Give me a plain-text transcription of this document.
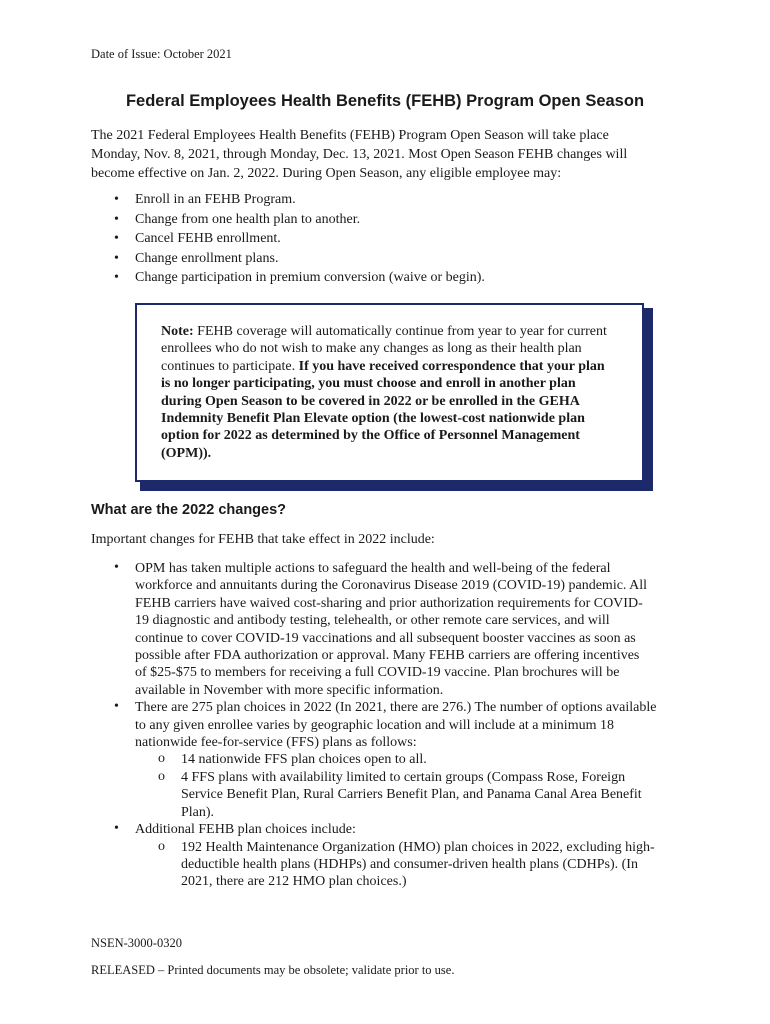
Date of Issue: October 2021
Federal Employees Health Benefits (FEHB) Program Open Season
The 2021 Federal Employees Health Benefits (FEHB) Program Open Season will take place
Monday, Nov. 8, 2021, through Monday, Dec. 13, 2021. Most Open Season FEHB changes will
become effective on Jan. 2, 2022. During Open Season, any eligible employee may:
• Enroll in an FEHB Program.
• Change from one health plan to another.
• Cancel FEHB enrollment.
• Change enrollment plans.
• Change participation in premium conversion (waive or begin).
Note: FEHB coverage will automatically continue from year to year for current
enrollees who do not wish to make any changes as long as their health plan
continues to participate. If you have received correspondence that your plan
is no longer participating, you must choose and enroll in another plan
during Open Season to be covered in 2022 or be enrolled in the GEHA
Indemnity Benefit Plan Elevate option (the lowest-cost nationwide plan
option for 2022 as determined by the Office of Personnel Management
(OPM)).
What are the 2022 changes?
Important changes for FEHB that take effect in 2022 include:
• OPM has taken multiple actions to safeguard the health and well-being of the federal
workforce and annuitants during the Coronavirus Disease 2019 (COVID-19) pandemic. All
FEHB carriers have waived cost-sharing and prior authorization requirements for COVID-
19 diagnostic and antibody testing, telehealth, or other remote care services, and will
continue to cover COVID-19 vaccinations and all subsequent booster vaccines as soon as
possible after FDA authorization or approval. Many FEHB carriers are offering incentives
of $25-$75 to members for receiving a full COVID-19 vaccine. Plan brochures will be
available in November with more specific information.
• There are 275 plan choices in 2022 (In 2021, there are 276.) The number of options available
to any given enrollee varies by geographic location and will include at a minimum 18
nationwide fee-for-service (FFS) plans as follows:
o 14 nationwide FFS plan choices open to all.
o 4 FFS plans with availability limited to certain groups (Compass Rose, Foreign
Service Benefit Plan, Rural Carriers Benefit Plan, and Panama Canal Area Benefit
Plan).
• Additional FEHB plan choices include:
o 192 Health Maintenance Organization (HMO) plan choices in 2022, excluding high-
deductible health plans (HDHPs) and consumer-driven health plans (CDHPs). (In
2021, there are 212 HMO plan choices.)
NSEN-3000-0320
RELEASED – Printed documents may be obsolete; validate prior to use.
